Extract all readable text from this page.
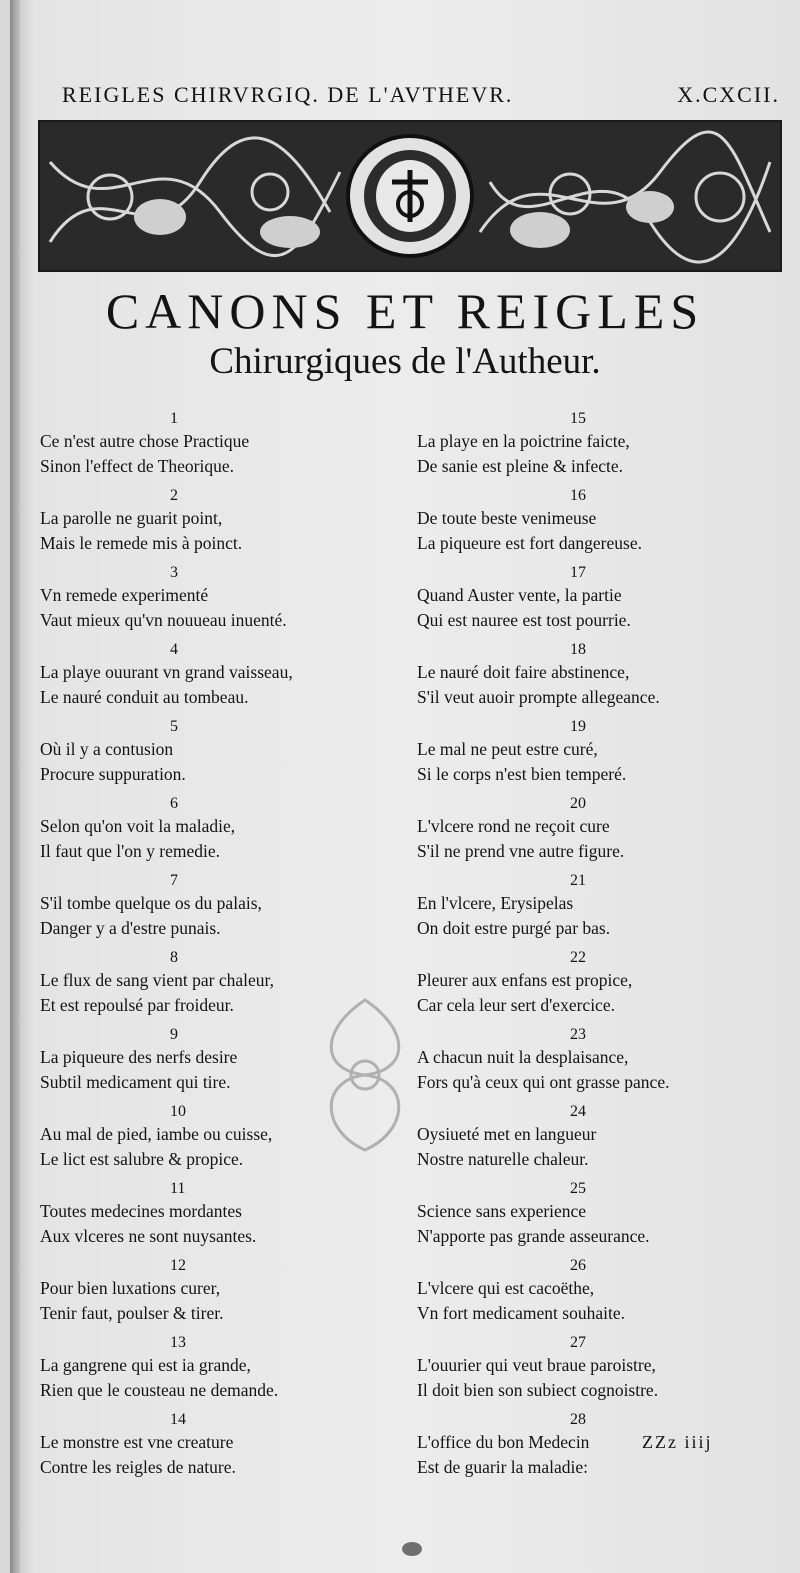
REIGLES CHIRVRGIQ. DE L'AVTHEVR.	X.CXCII.
CANONS ET REIGLES
Chirurgiques de l'Autheur.
1
Ce n'est autre chose Practique
Sinon l'effect de Theorique.
2
La parolle ne guarit point,
Mais le remede mis à poinct.
3
Vn remede experimenté
Vaut mieux qu'vn nouueau inuenté.
4
La playe ouurant vn grand vaisseau,
Le nauré conduit au tombeau.
5
Où il y a contusion
Procure suppuration.
6
Selon qu'on voit la maladie,
Il faut que l'on y remedie.
7
S'il tombe quelque os du palais,
Danger y a d'estre punais.
8
Le flux de sang vient par chaleur,
Et est repoulsé par froideur.
9
La piqueure des nerfs desire
Subtil medicament qui tire.
10
Au mal de pied, iambe ou cuisse,
Le lict est salubre & propice.
11
Toutes medecines mordantes
Aux vlceres ne sont nuysantes.
12
Pour bien luxations curer,
Tenir faut, poulser & tirer.
13
La gangrene qui est ia grande,
Rien que le cousteau ne demande.
14
Le monstre est vne creature
Contre les reigles de nature.
15
La playe en la poictrine faicte,
De sanie est pleine & infecte.
16
De toute beste venimeuse
La piqueure est fort dangereuse.
17
Quand Auster vente, la partie
Qui est nauree est tost pourrie.
18
Le nauré doit faire abstinence,
S'il veut auoir prompte allegeance.
19
Le mal ne peut estre curé,
Si le corps n'est bien temperé.
20
L'vlcere rond ne reçoit cure
S'il ne prend vne autre figure.
21
En l'vlcere, Erysipelas
On doit estre purgé par bas.
22
Pleurer aux enfans est propice,
Car cela leur sert d'exercice.
23
A chacun nuit la desplaisance,
Fors qu'à ceux qui ont grasse pance.
24
Oysiueté met en langueur
Nostre naturelle chaleur.
25
Science sans experience
N'apporte pas grande asseurance.
26
L'vlcere qui est cacoëthe,
Vn fort medicament souhaite.
27
L'ouurier qui veut braue paroistre,
Il doit bien son subiect cognoistre.
28
L'office du bon Medecin
Est de guarir la maladie:
ZZz iiij
